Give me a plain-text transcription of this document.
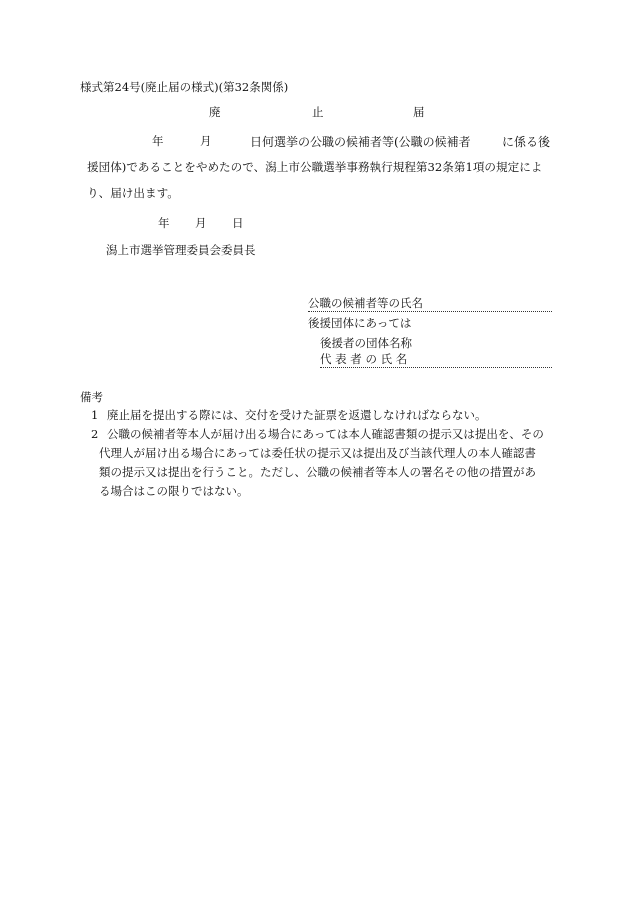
様式第24号(廃止届の様式)(第32条関係)
廃	止	届
年	月	日何選挙の公職の候補者等(公職の候補者	に係る後
援団体)であることをやめたので、潟上市公職選挙事務執行規程第32条第1項の規定によ
り、届け出ます。
年 月 日
潟上市選挙管理委員会委員長
公職の候補者等の氏名
後援団体にあっては
後援者の団体名称
代 表 者 の 氏 名
備考
1 廃止届を提出する際には、交付を受けた証票を返還しなければならない。
2 公職の候補者等本人が届け出る場合にあっては本人確認書類の提示又は提出を、その
代理人が届け出る場合にあっては委任状の提示又は提出及び当該代理人の本人確認書
類の提示又は提出を行うこと。ただし、公職の候補者等本人の署名その他の措置があ
る場合はこの限りではない。
